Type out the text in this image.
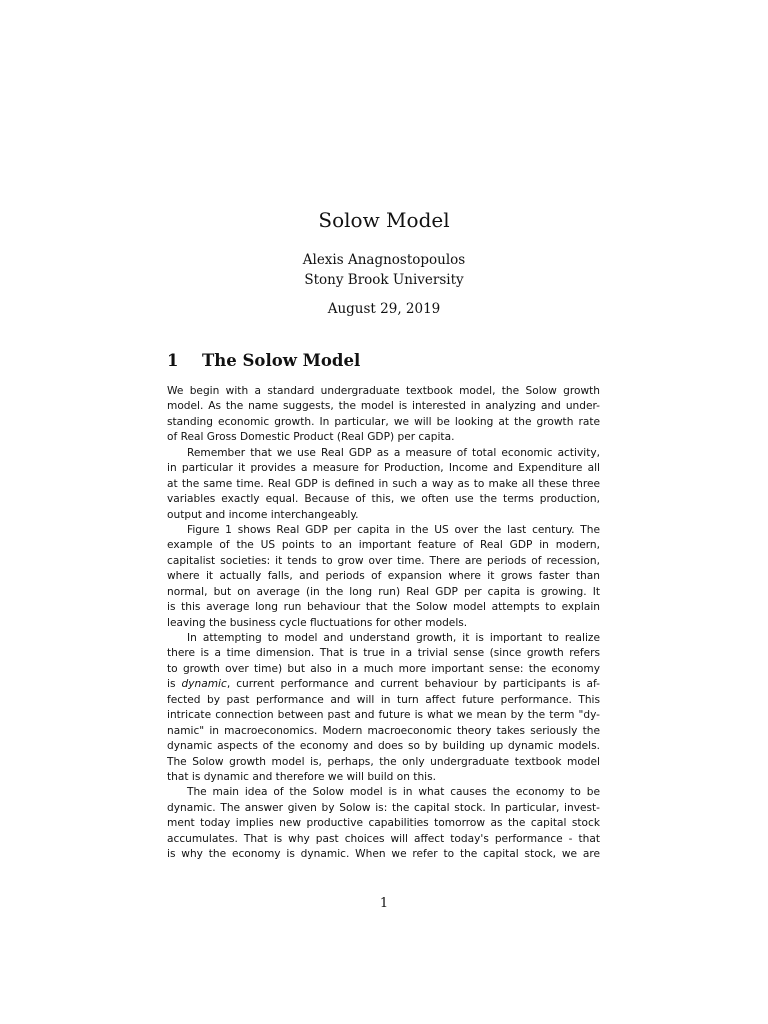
Solow Model
Alexis Anagnostopoulos
Stony Brook University
August 29, 2019
1 The Solow Model
We begin with a standard undergraduate textbook model, the Solow growth
model. As the name suggests, the model is interested in analyzing and under-
standing economic growth. In particular, we will be looking at the growth rate
of Real Gross Domestic Product (Real GDP) per capita.
Remember that we use Real GDP as a measure of total economic activity,
in particular it provides a measure for Production, Income and Expenditure all
at the same time. Real GDP is defined in such a way as to make all these three
variables exactly equal. Because of this, we often use the terms production,
output and income interchangeably.
Figure 1 shows Real GDP per capita in the US over the last century. The
example of the US points to an important feature of Real GDP in modern,
capitalist societies: it tends to grow over time. There are periods of recession,
where it actually falls, and periods of expansion where it grows faster than
normal, but on average (in the long run) Real GDP per capita is growing. It
is this average long run behaviour that the Solow model attempts to explain
leaving the business cycle fluctuations for other models.
In attempting to model and understand growth, it is important to realize
there is a time dimension. That is true in a trivial sense (since growth refers
to growth over time) but also in a much more important sense: the economy
is dynamic, current performance and current behaviour by participants is af-
fected by past performance and will in turn affect future performance. This
intricate connection between past and future is what we mean by the term "dy-
namic" in macroeconomics. Modern macroeconomic theory takes seriously the
dynamic aspects of the economy and does so by building up dynamic models.
The Solow growth model is, perhaps, the only undergraduate textbook model
that is dynamic and therefore we will build on this.
The main idea of the Solow model is in what causes the economy to be
dynamic. The answer given by Solow is: the capital stock. In particular, invest-
ment today implies new productive capabilities tomorrow as the capital stock
accumulates. That is why past choices will affect today's performance - that
is why the economy is dynamic. When we refer to the capital stock, we are
1
